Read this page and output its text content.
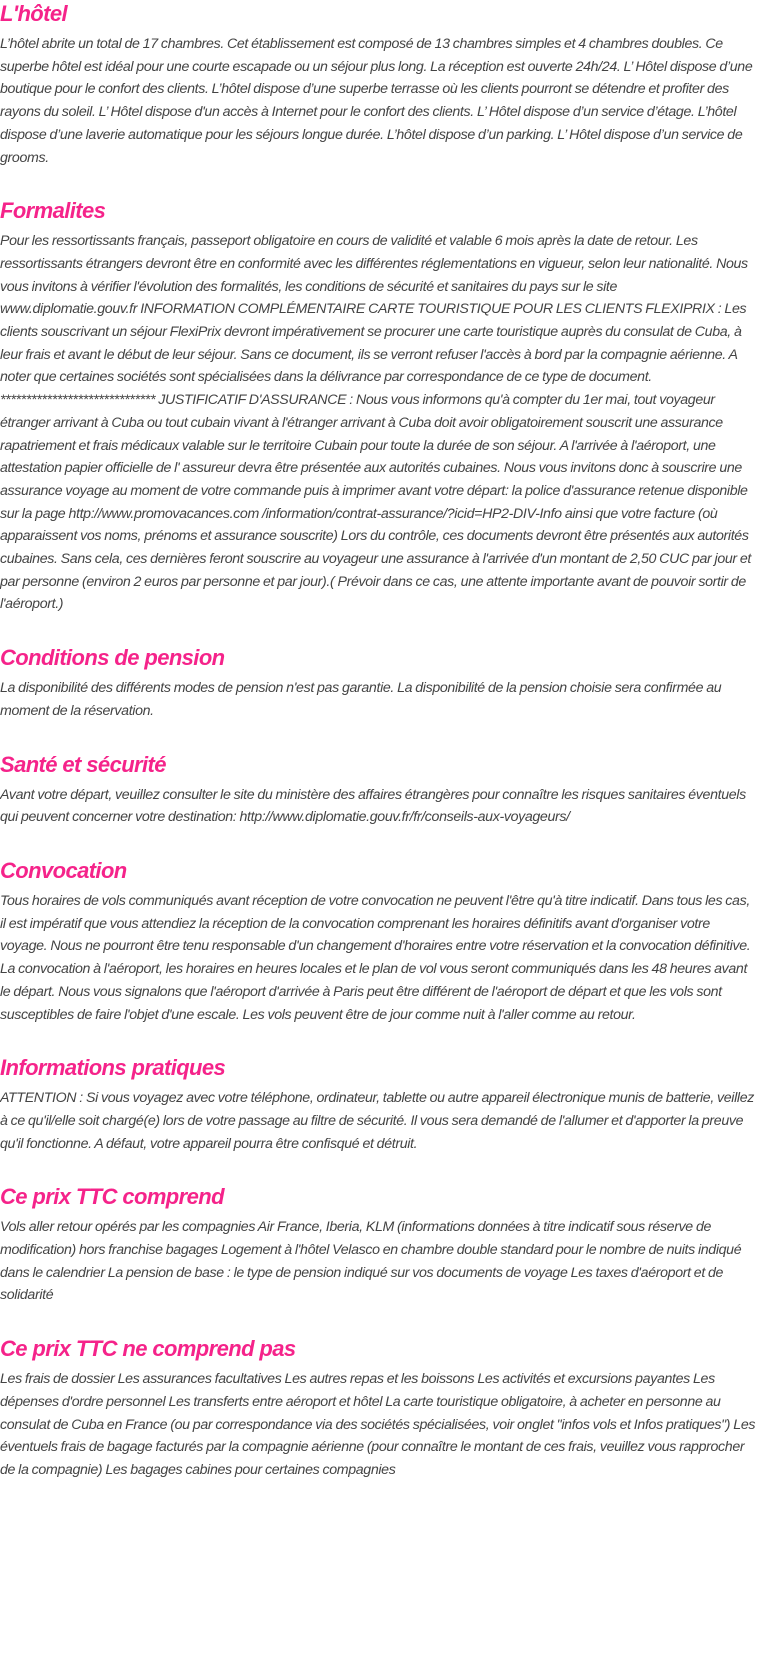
L'hôtel

L’hôtel abrite un total de 17 chambres. Cet établissement est composé de 13 chambres simples et 4 chambres doubles. Ce superbe hôtel est idéal pour une courte escapade ou un séjour plus long. La réception est ouverte 24h/24. L’ Hôtel dispose d’une boutique pour le confort des clients. L’hôtel dispose d’une superbe terrasse où les clients pourront se détendre et profiter des rayons du soleil. L’ Hôtel dispose d'un accès à Internet pour le confort des clients. L’ Hôtel dispose d’un service d’étage. L’hôtel dispose d’une laverie automatique pour les séjours longue durée. L’hôtel dispose d’un parking. L’ Hôtel dispose d’un service de grooms.

Formalites

Pour les ressortissants français, passeport obligatoire en cours de validité et valable 6 mois après la date de retour. Les ressortissants étrangers devront être en conformité avec les différentes réglementations en vigueur, selon leur nationalité. Nous vous invitons à vérifier l'évolution des formalités, les conditions de sécurité et sanitaires du pays sur le site www.diplomatie.gouv.fr INFORMATION COMPLÉMENTAIRE CARTE TOURISTIQUE POUR LES CLIENTS FLEXIPRIX : Les clients souscrivant un séjour FlexiPrix devront impérativement se procurer une carte touristique auprès du consulat de Cuba, à leur frais et avant le début de leur séjour. Sans ce document, ils se verront refuser l'accès à bord par la compagnie aérienne. A noter que certaines sociétés sont spécialisées dans la délivrance par correspondance de ce type de document. ****************************** JUSTIFICATIF D'ASSURANCE : Nous vous informons qu'à compter du 1er mai, tout voyageur étranger arrivant à Cuba ou tout cubain vivant à l'étranger arrivant à Cuba doit avoir obligatoirement souscrit une assurance rapatriement et frais médicaux valable sur le territoire Cubain pour toute la durée de son séjour. A l'arrivée à l'aéroport, une attestation papier officielle de l' assureur devra être présentée aux autorités cubaines. Nous vous invitons donc à souscrire une assurance voyage au moment de votre commande puis à imprimer avant votre départ: la police d'assurance retenue disponible sur la page http://www.promovacances.com /information/contrat-assurance/?icid=HP2-DIV-Info ainsi que votre facture (où apparaissent vos noms, prénoms et assurance souscrite) Lors du contrôle, ces documents devront être présentés aux autorités cubaines. Sans cela, ces dernières feront souscrire au voyageur une assurance à l'arrivée d'un montant de 2,50 CUC par jour et par personne (environ 2 euros par personne et par jour).( Prévoir dans ce cas, une attente importante avant de pouvoir sortir de l'aéroport.)

Conditions de pension

La disponibilité des différents modes de pension n'est pas garantie. La disponibilité de la pension choisie sera confirmée au moment de la réservation.

Santé et sécurité

Avant votre départ, veuillez consulter le site du ministère des affaires étrangères pour connaître les risques sanitaires éventuels qui peuvent concerner votre destination: http://www.diplomatie.gouv.fr/fr/conseils-aux-voyageurs/

Convocation

Tous horaires de vols communiqués avant réception de votre convocation ne peuvent l'être qu'à titre indicatif. Dans tous les cas, il est impératif que vous attendiez la réception de la convocation comprenant les horaires définitifs avant d'organiser votre voyage. Nous ne pourront être tenu responsable d'un changement d'horaires entre votre réservation et la convocation définitive. La convocation à l'aéroport, les horaires en heures locales et le plan de vol vous seront communiqués dans les 48 heures avant le départ. Nous vous signalons que l'aéroport d'arrivée à Paris peut être différent de l'aéroport de départ et que les vols sont susceptibles de faire l'objet d'une escale. Les vols peuvent être de jour comme nuit à l'aller comme au retour.

Informations pratiques

ATTENTION : Si vous voyagez avec votre téléphone, ordinateur, tablette ou autre appareil électronique munis de batterie, veillez à ce qu'il/elle soit chargé(e) lors de votre passage au filtre de sécurité. Il vous sera demandé de l'allumer et d'apporter la preuve qu'il fonctionne. A défaut, votre appareil pourra être confisqué et détruit.

Ce prix TTC comprend

Vols aller retour opérés par les compagnies Air France, Iberia, KLM (informations données à titre indicatif sous réserve de modification) hors franchise bagages Logement à l'hôtel Velasco en chambre double standard pour le nombre de nuits indiqué dans le calendrier La pension de base : le type de pension indiqué sur vos documents de voyage Les taxes d'aéroport et de solidarité

Ce prix TTC ne comprend pas

Les frais de dossier Les assurances facultatives Les autres repas et les boissons Les activités et excursions payantes Les dépenses d'ordre personnel Les transferts entre aéroport et hôtel La carte touristique obligatoire, à acheter en personne au consulat de Cuba en France (ou par correspondance via des sociétés spécialisées, voir onglet "infos vols et Infos pratiques") Les éventuels frais de bagage facturés par la compagnie aérienne (pour connaître le montant de ces frais, veuillez vous rapprocher de la compagnie) Les bagages cabines pour certaines compagnies
